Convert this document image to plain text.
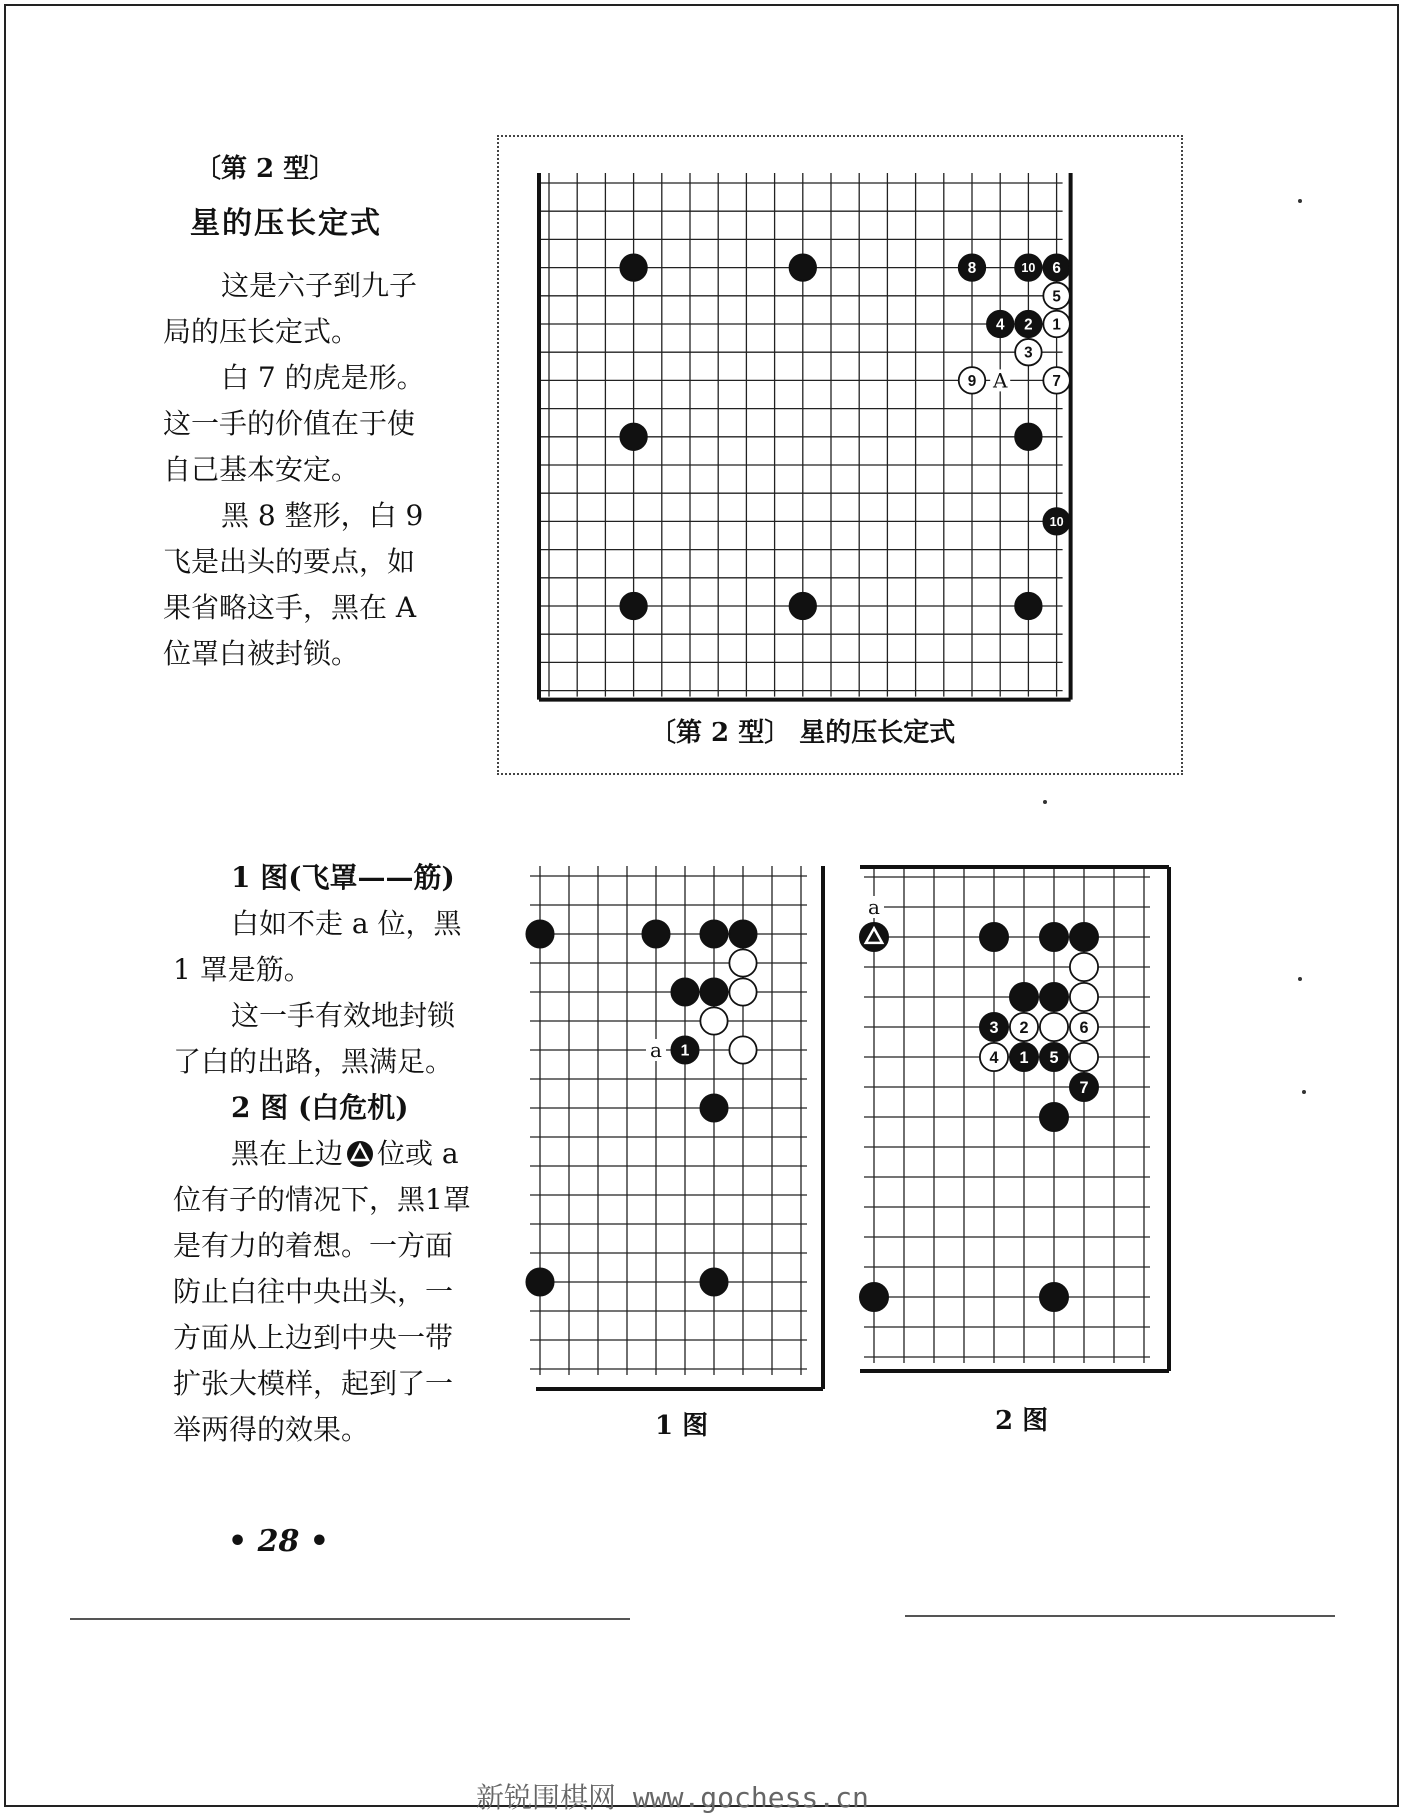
〔第 2 型〕
星的压长定式

这是六子到九子

局的压长定式。

白 7 的虎是形。

这一手的价值在于使

自己基本安定。

黑 8 整形，白 9

飞是出头的要点，如

果省略这手，黑在 A

位罩白被封锁。

A
8	10 6
5
4 2 1
3
9	7
10
〔第 2 型〕 星的压长定式

1 图(飞罩——筋)

白如不走 a 位，黑

1 罩是筋。

这一手有效地封锁

了白的出路，黑满足。

2 图 (白危机)

黑在上边 位或 a

位有子的情况下，黑1罩

是有力的着想。一方面

防止白往中央出头，一

方面从上边到中央一带

扩张大模样，起到了一

举两得的效果。

a 1
1 图
a
3 2	6
4 1 5
7
2 图
• 28 •
新锐围棋网 www.gochess.cn
